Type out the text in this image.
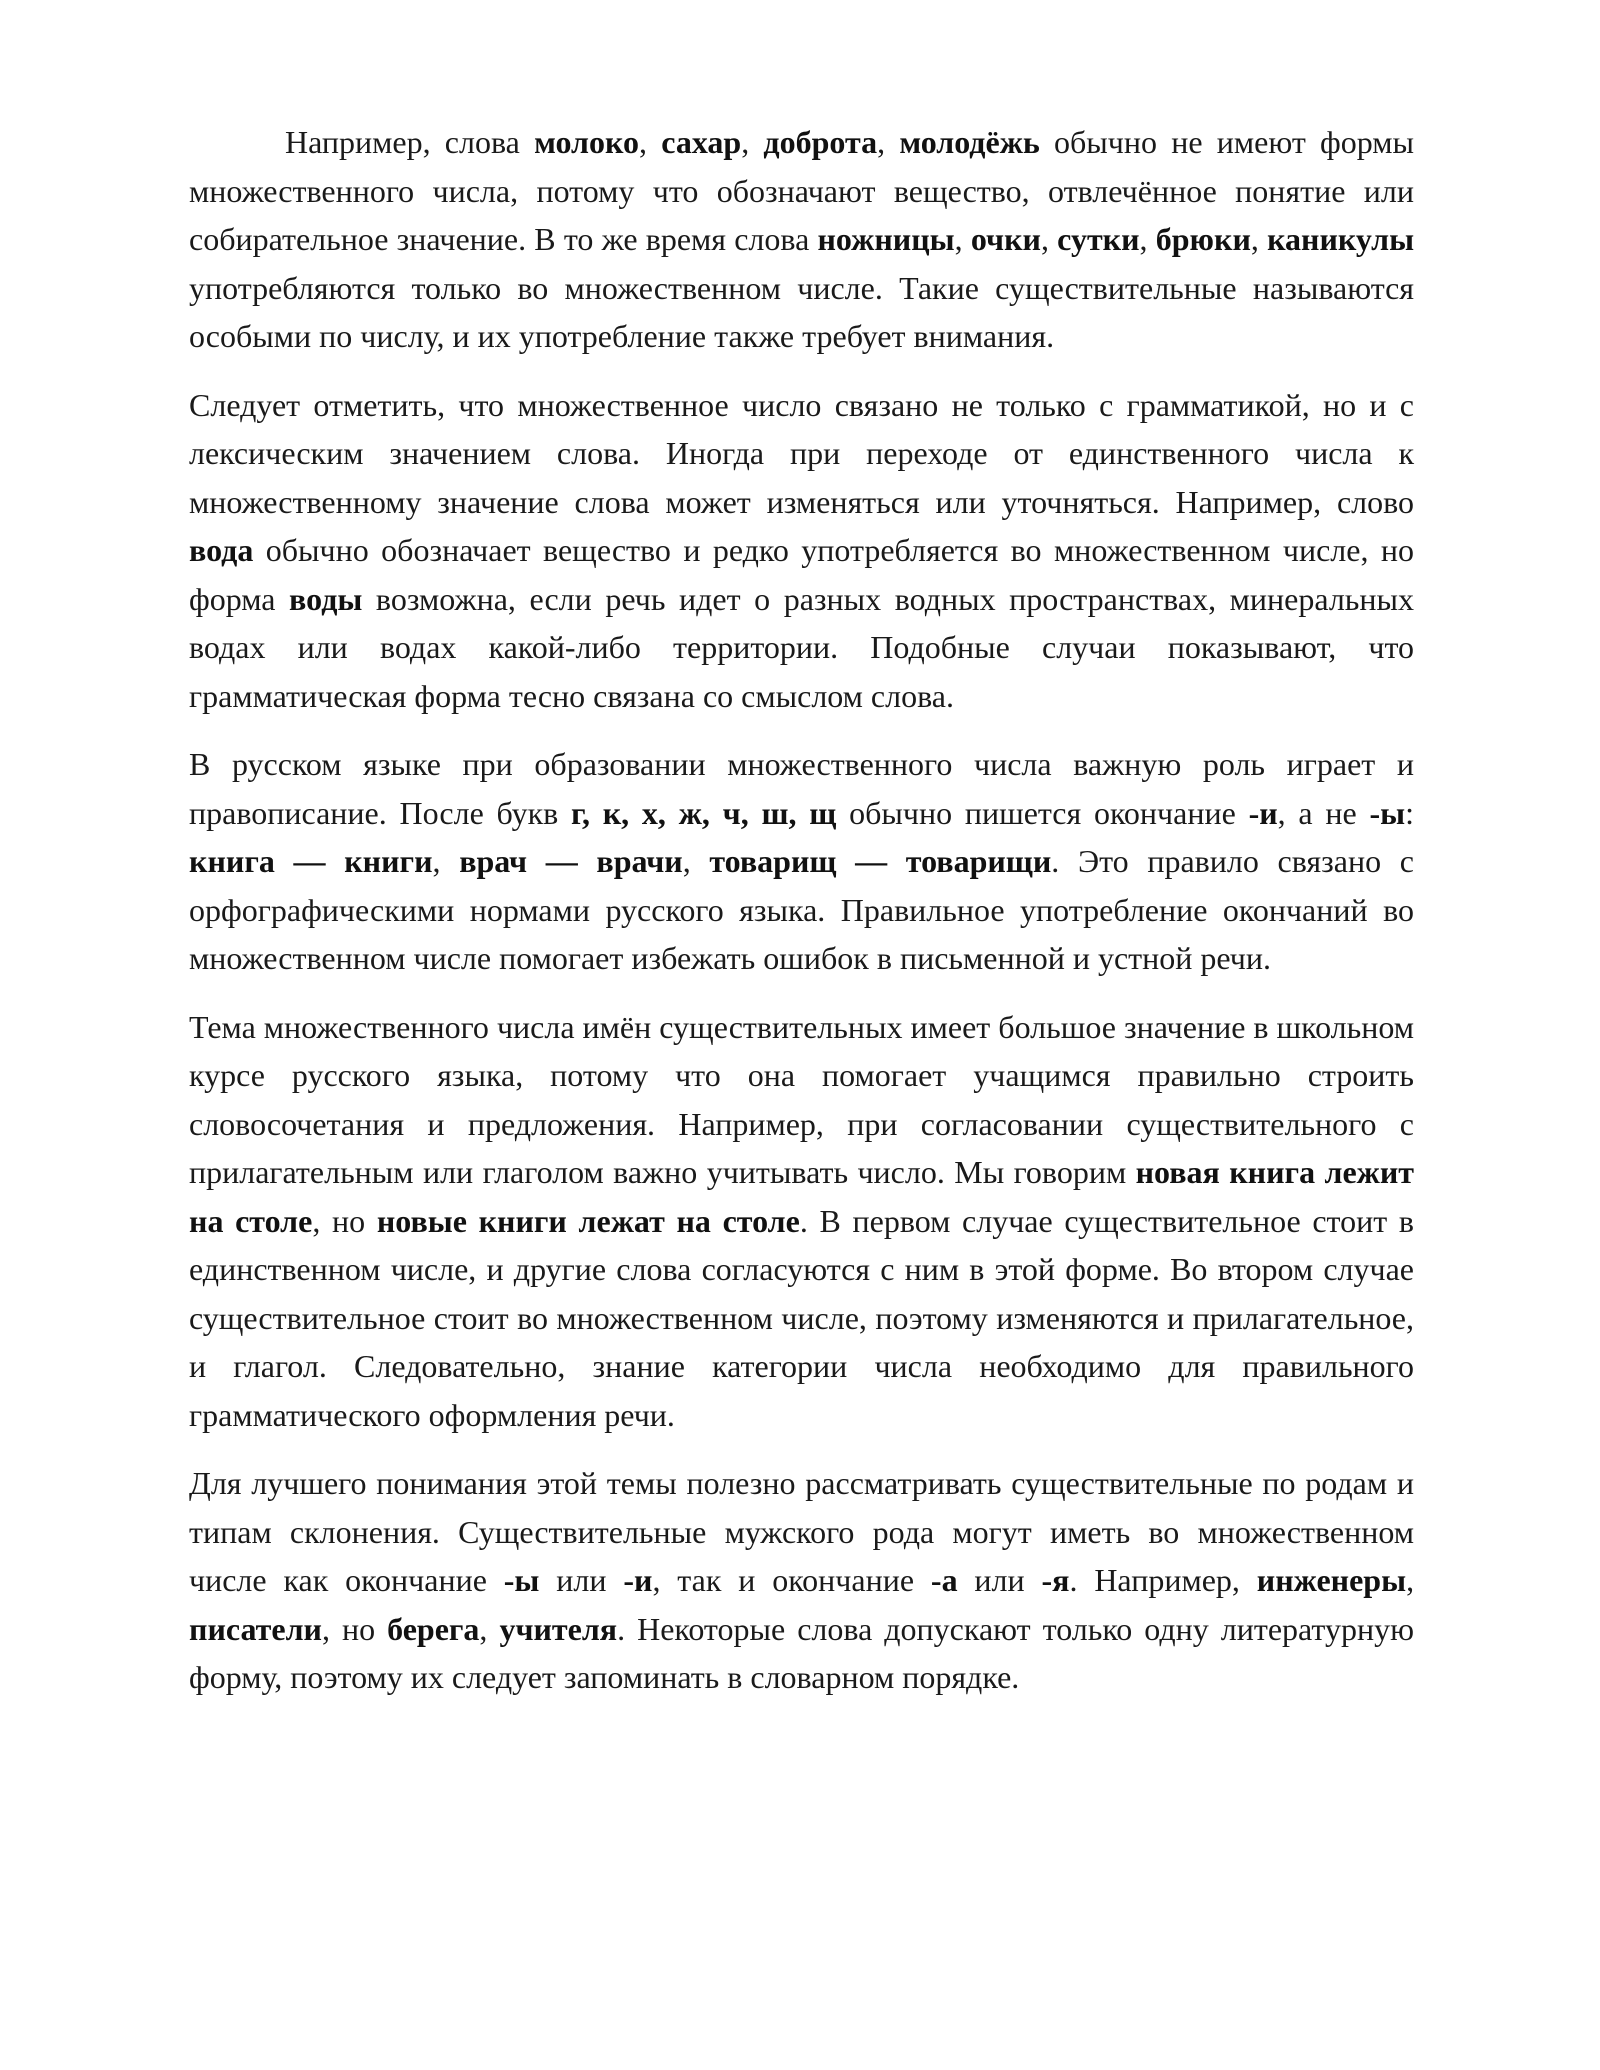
Например, слова молоко, сахар, доброта, молодёжь обычно не имеют формы множественного числа, потому что обозначают вещество, отвлечённое понятие или собирательное значение. В то же время слова ножницы, очки, сутки, брюки, каникулы употребляются только во множественном числе. Такие существительные называются особыми по числу, и их употребление также требует внимания.

Следует отметить, что множественное число связано не только с грамматикой, но и с лексическим значением слова. Иногда при переходе от единственного числа к множественному значение слова может изменяться или уточняться. Например, слово вода обычно обозначает вещество и редко употребляется во множественном числе, но форма воды возможна, если речь идет о разных водных пространствах, минеральных водах или водах какой-либо территории. Подобные случаи показывают, что грамматическая форма тесно связана со смыслом слова.

В русском языке при образовании множественного числа важную роль играет и правописание. После букв г, к, х, ж, ч, ш, щ обычно пишется окончание -и, а не -ы: книга — книги, врач — врачи, товарищ — товарищи. Это правило связано с орфографическими нормами русского языка. Правильное употребление окончаний во множественном числе помогает избежать ошибок в письменной и устной речи.

Тема множественного числа имён существительных имеет большое значение в школьном курсе русского языка, потому что она помогает учащимся правильно строить словосочетания и предложения. Например, при согласовании существительного с прилагательным или глаголом важно учитывать число. Мы говорим новая книга лежит на столе, но новые книги лежат на столе. В первом случае существительное стоит в единственном числе, и другие слова согласуются с ним в этой форме. Во втором случае существительное стоит во множественном числе, поэтому изменяются и прилагательное, и глагол. Следовательно, знание категории числа необходимо для правильного грамматического оформления речи.

Для лучшего понимания этой темы полезно рассматривать существительные по родам и типам склонения. Существительные мужского рода могут иметь во множественном числе как окончание -ы или -и, так и окончание -а или -я. Например, инженеры, писатели, но берега, учителя. Некоторые слова допускают только одну литературную форму, поэтому их следует запоминать в словарном порядке.
